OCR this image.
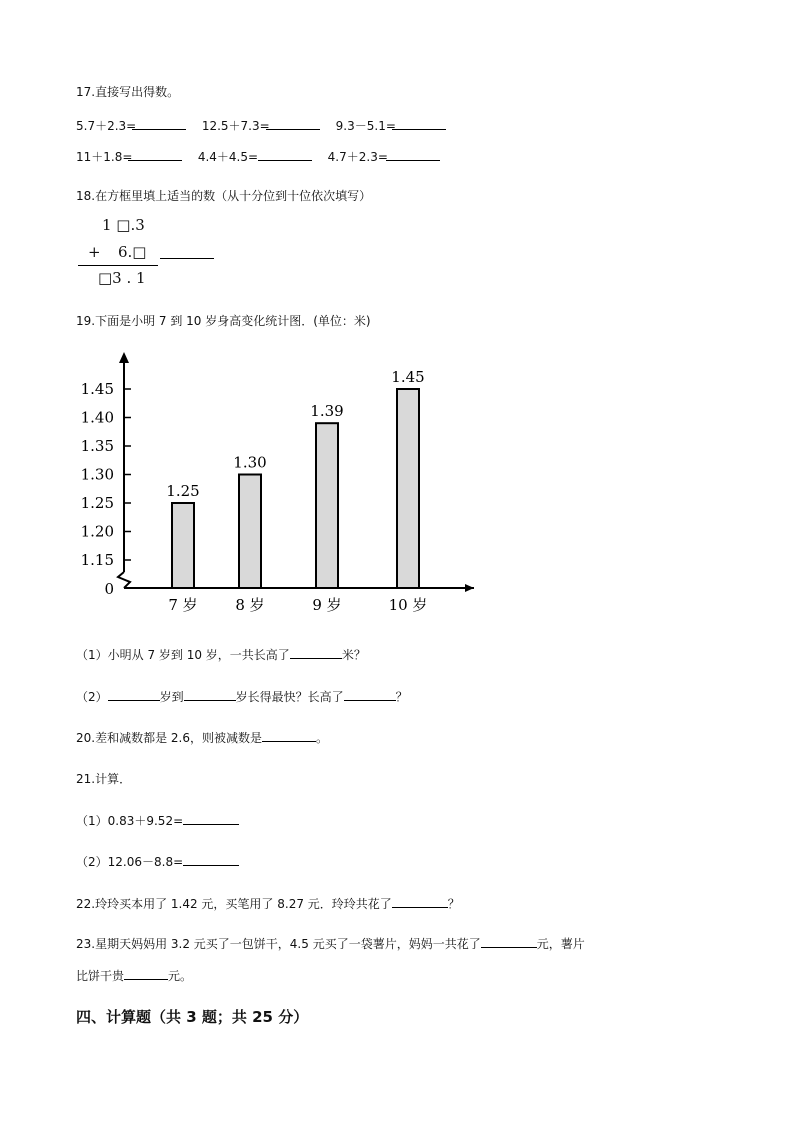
17.直接写出得数。
5.7＋2.3=	12.5＋7.3=	9.3－5.1=
11＋1.8=	4.4＋4.5=	4.7＋2.3=
18.在方框里填上适当的数（从十分位到十位依次填写）
1 □.3
+ 6.□
□3 . 1
19.下面是小明 7 到 10 岁身高变化统计图．(单位：米)
0
1.45
1.40
1.35
1.30
1.25
1.20
1.15
1.25
1.30
1.39
1.45
7 岁	8 岁	9 岁	10 岁
（1）小明从 7 岁到 10 岁，一共长高了	米？
（2）	岁到	岁长得最快？长高了	？
20.差和减数都是 2.6，则被减数是	。
21.计算．
（1）0.83＋9.52=
（2）12.06－8.8=
22.玲玲买本用了 1.42 元，买笔用了 8.27 元．玲玲共花了	？
23.星期天妈妈用 3.2 元买了一包饼干，4.5 元买了一袋薯片，妈妈一共花了	元，薯片
比饼干贵	元。
四、计算题（共 3 题；共 25 分）
